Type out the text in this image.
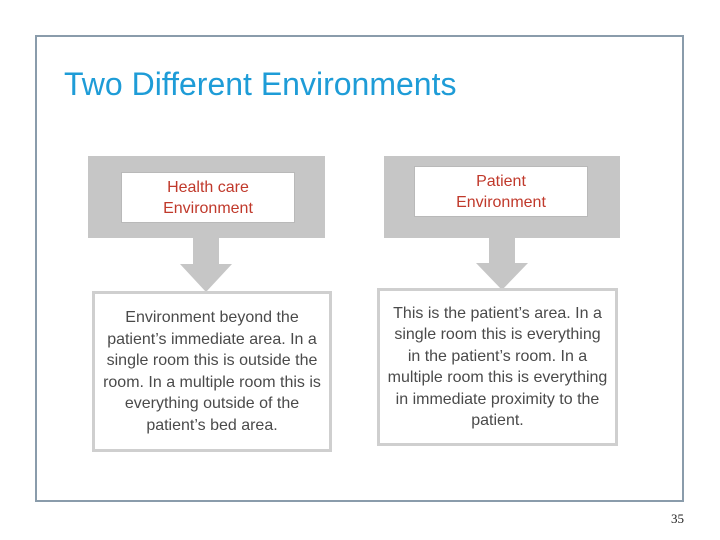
Two Different Environments
Health care
Environment
Environment beyond the patient’s immediate area. In a single room this is outside the room. In a multiple room this is everything outside of the patient’s bed area.
Patient
Environment
This is the patient’s area. In a single room this is everything in the patient’s room. In a multiple room this is everything in immediate proximity to the patient.
35
